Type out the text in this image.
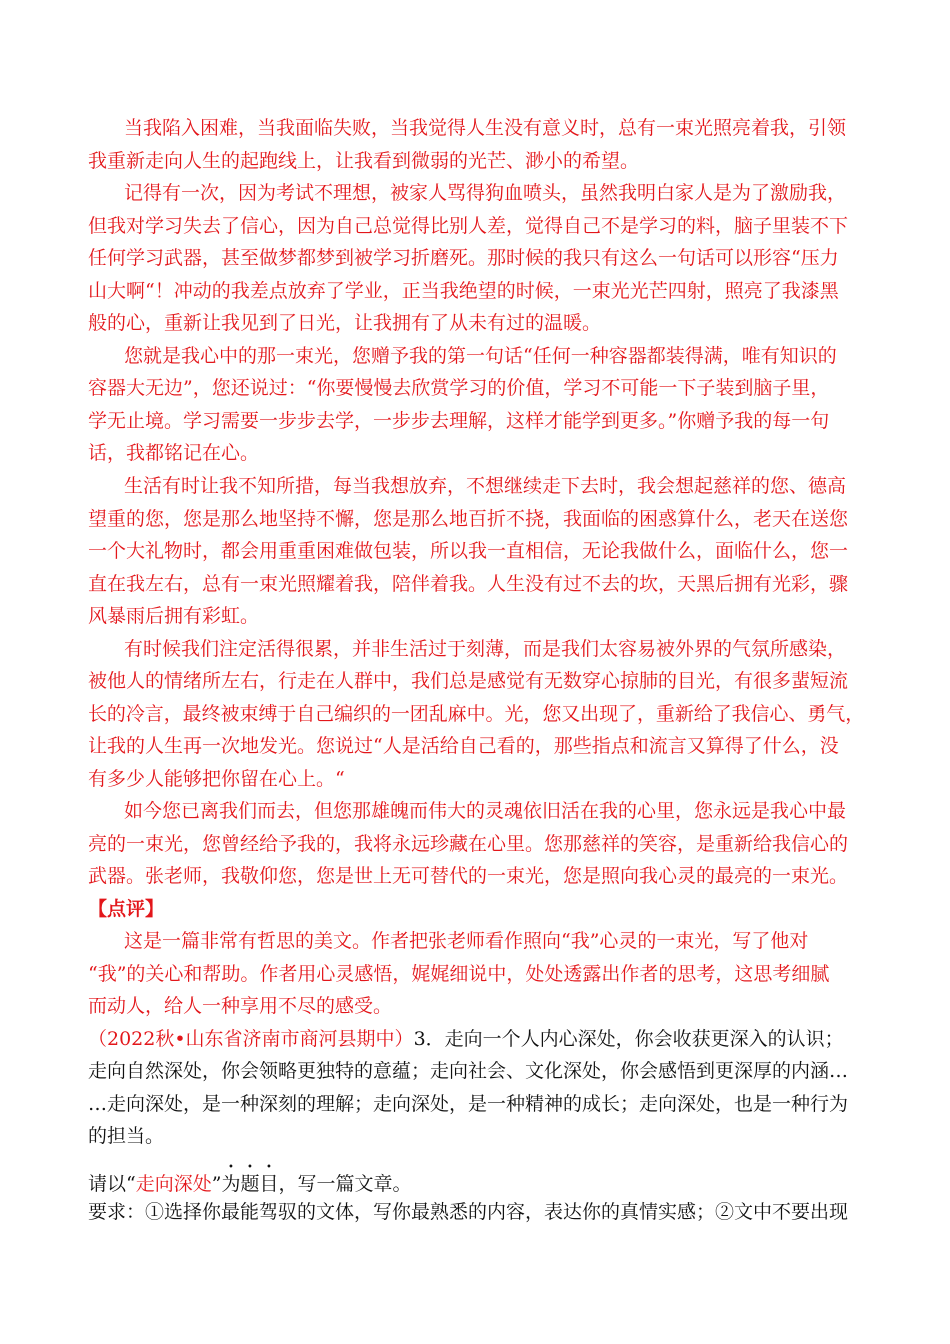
当我陷入困难，当我面临失败，当我觉得人生没有意义时，总有一束光照亮着我，引领

我重新走向人生的起跑线上，让我看到微弱的光芒、渺小的希望。

记得有一次，因为考试不理想，被家人骂得狗血喷头，虽然我明白家人是为了激励我，

但我对学习失去了信心，因为自己总觉得比别人差，觉得自己不是学习的料，脑子里装不下

任何学习武器，甚至做梦都梦到被学习折磨死。那时候的我只有这么一句话可以形容“压力

山大啊“！冲动的我差点放弃了学业，正当我绝望的时候，一束光光芒四射，照亮了我漆黑

般的心，重新让我见到了日光，让我拥有了从未有过的温暖。

您就是我心中的那一束光，您赠予我的第一句话“任何一种容器都装得满，唯有知识的

容器大无边”，您还说过：“你要慢慢去欣赏学习的价值，学习不可能一下子装到脑子里，

学无止境。学习需要一步步去学，一步步去理解，这样才能学到更多。”你赠予我的每一句

话，我都铭记在心。

生活有时让我不知所措，每当我想放弃，不想继续走下去时，我会想起慈祥的您、德高

望重的您，您是那么地坚持不懈，您是那么地百折不挠，我面临的困惑算什么，老天在送您

一个大礼物时，都会用重重困难做包装，所以我一直相信，无论我做什么，面临什么，您一

直在我左右，总有一束光照耀着我，陪伴着我。人生没有过不去的坎，天黑后拥有光彩，骤

风暴雨后拥有彩虹。

有时候我们注定活得很累，并非生活过于刻薄，而是我们太容易被外界的气氛所感染，

被他人的情绪所左右，行走在人群中，我们总是感觉有无数穿心掠肺的目光，有很多蜚短流

长的冷言，最终被束缚于自己编织的一团乱麻中。光，您又出现了，重新给了我信心、勇气，

让我的人生再一次地发光。您说过“人是活给自己看的，那些指点和流言又算得了什么，没

有多少人能够把你留在心上。“

如今您已离我们而去，但您那雄魄而伟大的灵魂依旧活在我的心里，您永远是我心中最

亮的一束光，您曾经给予我的，我将永远珍藏在心里。您那慈祥的笑容，是重新给我信心的

武器。张老师，我敬仰您，您是世上无可替代的一束光，您是照向我心灵的最亮的一束光。

【点评】

这是一篇非常有哲思的美文。作者把张老师看作照向“我”心灵的一束光，写了他对

“我”的关心和帮助。作者用心灵感悟，娓娓细说中，处处透露出作者的思考，这思考细腻

而动人，给人一种享用不尽的感受。

（2022秋•山东省济南市商河县期中）3．走向一个人内心深处，你会收获更深入的认识；

走向自然深处，你会领略更独特的意蕴；走向社会、文化深处，你会感悟到更深厚的内涵…

…走向深处，是一种深刻的理解；走向深处，是一种精神的成长；走向深处，也是一种行为

的担当。

请以“走向深处”为题目，写一篇文章。

要求：①选择你最能驾驭的文体，写你最熟悉的内容，表达你的真情实感；②文中不要出现
